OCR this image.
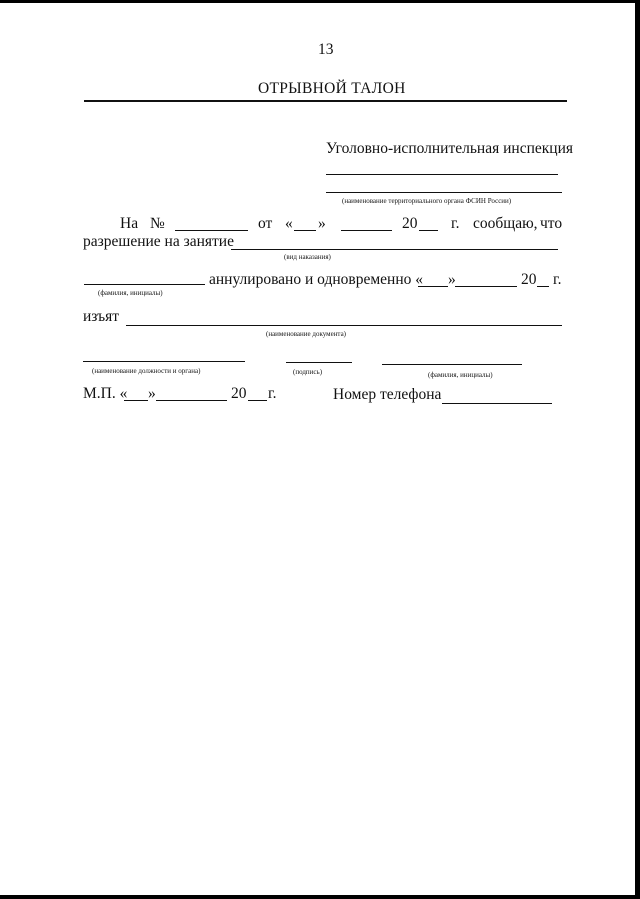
13
ОТРЫВНОЙ ТАЛОН
Уголовно-исполнительная инспекция
(наименование территориального органа ФСИН России)
На №	от « »	20 г. сообщаю, что
разрешение на занятие
(вид наказания)
аннулировано и одновременно « »	20 г.
(фамилия, инициалы)
изъят
(наименование документа)
(наименование должности и органа)	(подпись)	(фамилия, инициалы)
М.П. « »	20 г.	Номер телефона
